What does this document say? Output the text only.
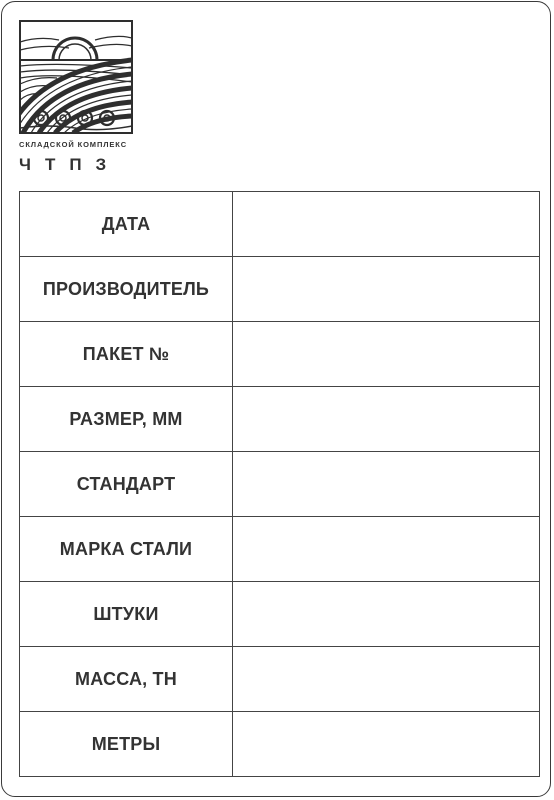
СКЛАДСКОЙ КОМПЛЕКС
ЧТПЗ
ДАТА	
ПРОИЗВОДИТЕЛЬ	
ПАКЕТ №	
РАЗМЕР, ММ	
СТАНДАРТ	
МАРКА СТАЛИ	
ШТУКИ	
МАССА, ТН	
МЕТРЫ	
